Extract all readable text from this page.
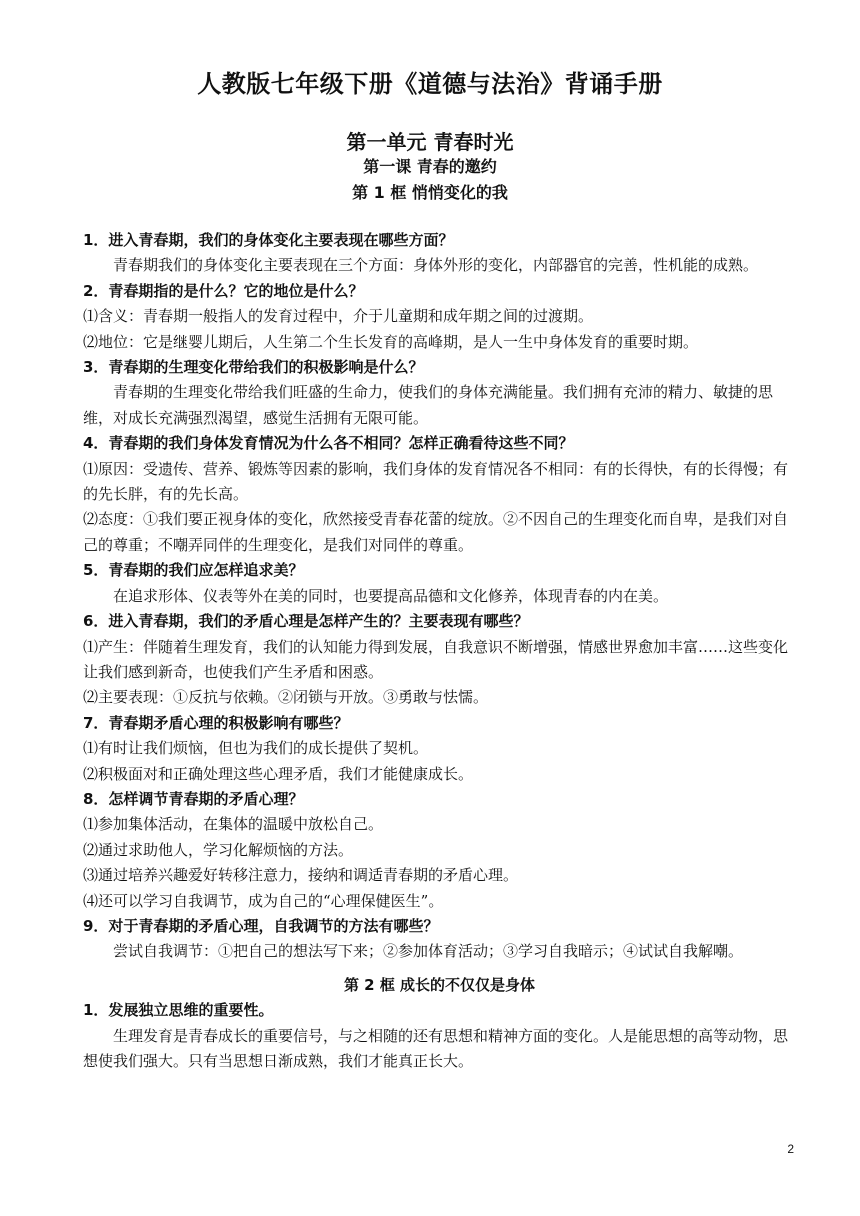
人教版七年级下册《道德与法治》背诵手册
第一单元 青春时光
第一课 青春的邀约
第 1 框 悄悄变化的我

1．进入青春期，我们的身体变化主要表现在哪些方面？

青春期我们的身体变化主要表现在三个方面：身体外形的变化，内部器官的完善，性机能的成熟。

2．青春期指的是什么？它的地位是什么？

⑴含义：青春期一般指人的发育过程中，介于儿童期和成年期之间的过渡期。

⑵地位：它是继婴儿期后，人生第二个生长发育的高峰期，是人一生中身体发育的重要时期。

3．青春期的生理变化带给我们的积极影响是什么？

青春期的生理变化带给我们旺盛的生命力，使我们的身体充满能量。我们拥有充沛的精力、敏捷的思维，对成长充满强烈渴望，感觉生活拥有无限可能。

4．青春期的我们身体发育情况为什么各不相同？怎样正确看待这些不同？

⑴原因：受遗传、营养、锻炼等因素的影响，我们身体的发育情况各不相同：有的长得快，有的长得慢；有的先长胖，有的先长高。

⑵态度：①我们要正视身体的变化，欣然接受青春花蕾的绽放。②不因自己的生理变化而自卑，是我们对自己的尊重；不嘲弄同伴的生理变化，是我们对同伴的尊重。

5．青春期的我们应怎样追求美？

在追求形体、仪表等外在美的同时，也要提高品德和文化修养，体现青春的内在美。

6．进入青春期，我们的矛盾心理是怎样产生的？主要表现有哪些？

⑴产生：伴随着生理发育，我们的认知能力得到发展，自我意识不断增强，情感世界愈加丰富……这些变化让我们感到新奇，也使我们产生矛盾和困惑。

⑵主要表现：①反抗与依赖。②闭锁与开放。③勇敢与怯懦。

7．青春期矛盾心理的积极影响有哪些？

⑴有时让我们烦恼，但也为我们的成长提供了契机。

⑵积极面对和正确处理这些心理矛盾，我们才能健康成长。

8．怎样调节青春期的矛盾心理？

⑴参加集体活动，在集体的温暖中放松自己。

⑵通过求助他人，学习化解烦恼的方法。

⑶通过培养兴趣爱好转移注意力，接纳和调适青春期的矛盾心理。

⑷还可以学习自我调节，成为自己的“心理保健医生”。

9．对于青春期的矛盾心理，自我调节的方法有哪些？

尝试自我调节：①把自己的想法写下来；②参加体育活动；③学习自我暗示；④试试自我解嘲。

第 2 框 成长的不仅仅是身体

1．发展独立思维的重要性。

生理发育是青春成长的重要信号，与之相随的还有思想和精神方面的变化。人是能思想的高等动物，思想使我们强大。只有当思想日渐成熟，我们才能真正长大。

2
